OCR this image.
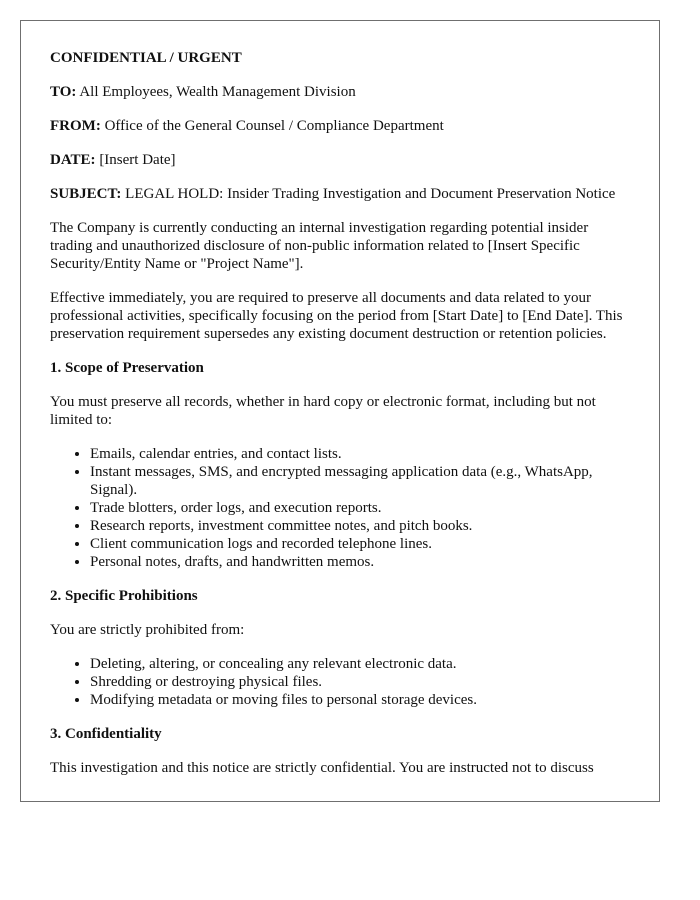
CONFIDENTIAL / URGENT
TO: All Employees, Wealth Management Division
FROM: Office of the General Counsel / Compliance Department
DATE: [Insert Date]
SUBJECT: LEGAL HOLD: Insider Trading Investigation and Document Preservation Notice

The Company is currently conducting an internal investigation regarding potential insider trading and unauthorized disclosure of non-public information related to [Insert Specific Security/Entity Name or "Project Name"].

Effective immediately, you are required to preserve all documents and data related to your professional activities, specifically focusing on the period from [Start Date] to [End Date]. This preservation requirement supersedes any existing document destruction or retention policies.

1. Scope of Preservation

You must preserve all records, whether in hard copy or electronic format, including but not limited to:

• Emails, calendar entries, and contact lists.
• Instant messages, SMS, and encrypted messaging application data (e.g., WhatsApp, Signal).
• Trade blotters, order logs, and execution reports.
• Research reports, investment committee notes, and pitch books.
• Client communication logs and recorded telephone lines.
• Personal notes, drafts, and handwritten memos.
2. Specific Prohibitions

You are strictly prohibited from:

• Deleting, altering, or concealing any relevant electronic data.
• Shredding or destroying physical files.
• Modifying metadata or moving files to personal storage devices.
3. Confidentiality

This investigation and this notice are strictly confidential. You are instructed not to discuss
